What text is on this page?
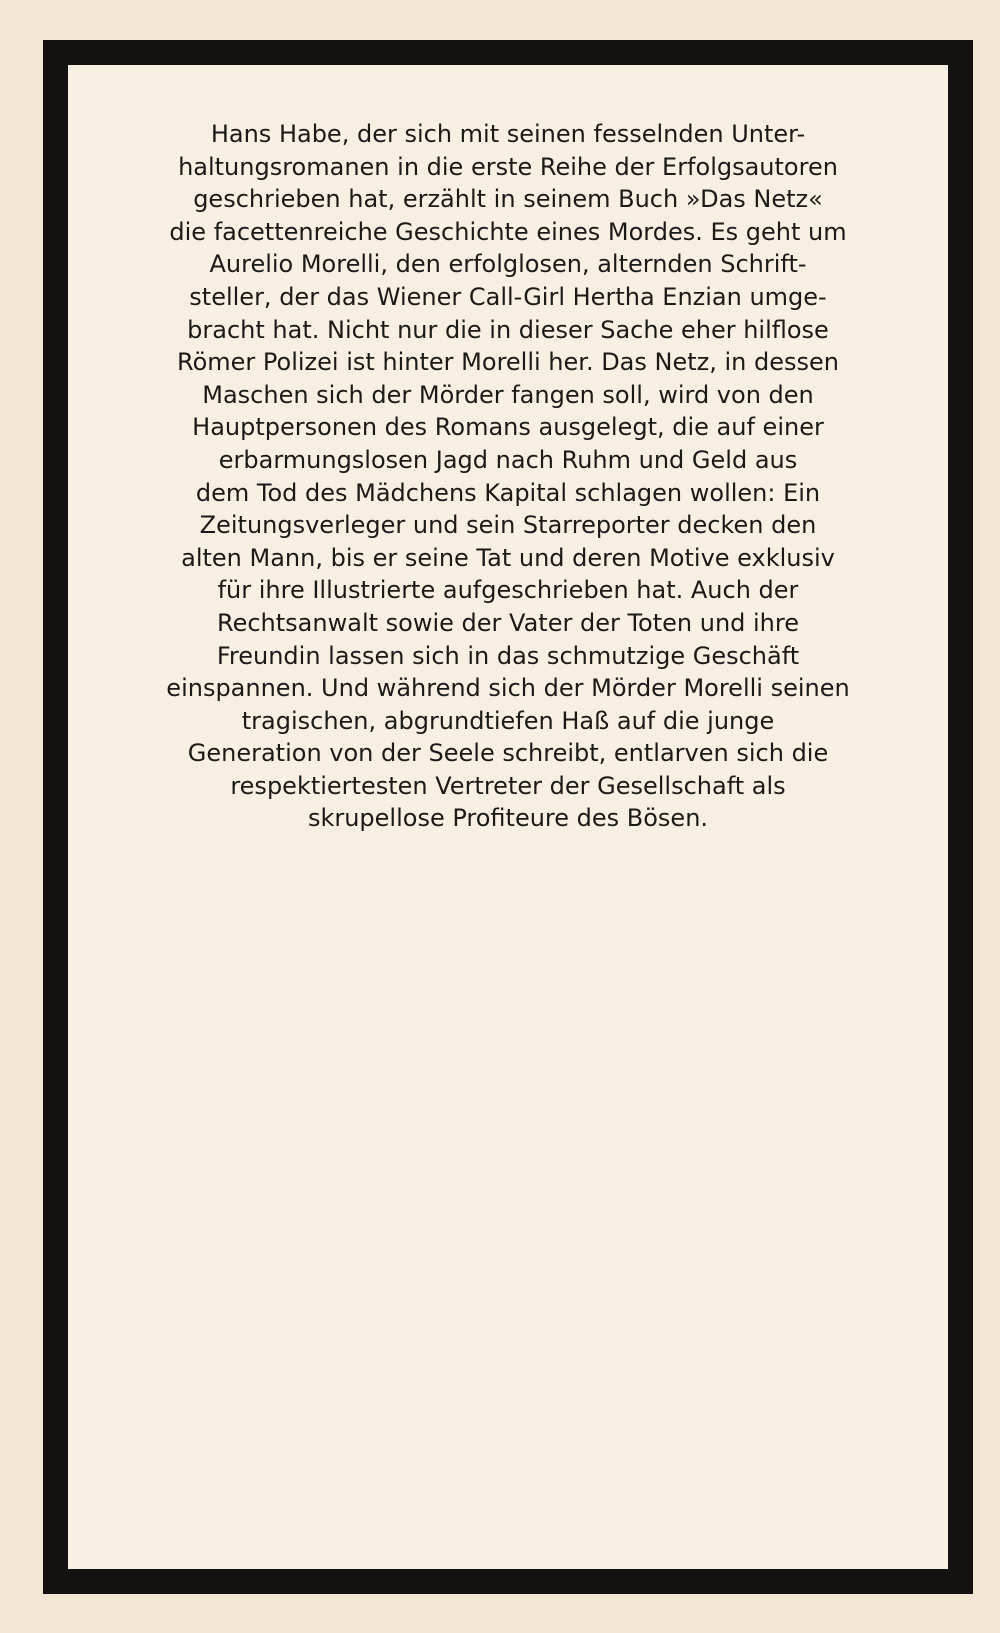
Hans Habe, der sich mit seinen fesselnden Unter-
haltungsromanen in die erste Reihe der Erfolgsautoren
geschrieben hat, erzählt in seinem Buch »Das Netz«
die facettenreiche Geschichte eines Mordes. Es geht um
Aurelio Morelli, den erfolglosen, alternden Schrift-
steller, der das Wiener Call-Girl Hertha Enzian umge-
bracht hat. Nicht nur die in dieser Sache eher hilflose
Römer Polizei ist hinter Morelli her. Das Netz, in dessen
Maschen sich der Mörder fangen soll, wird von den
Hauptpersonen des Romans ausgelegt, die auf einer
erbarmungslosen Jagd nach Ruhm und Geld aus
dem Tod des Mädchens Kapital schlagen wollen: Ein
Zeitungsverleger und sein Starreporter decken den
alten Mann, bis er seine Tat und deren Motive exklusiv
für ihre Illustrierte aufgeschrieben hat. Auch der
Rechtsanwalt sowie der Vater der Toten und ihre
Freundin lassen sich in das schmutzige Geschäft
einspannen. Und während sich der Mörder Morelli seinen
tragischen, abgrundtiefen Haß auf die junge
Generation von der Seele schreibt, entlarven sich die
respektiertesten Vertreter der Gesellschaft als
skrupellose Profiteure des Bösen.
